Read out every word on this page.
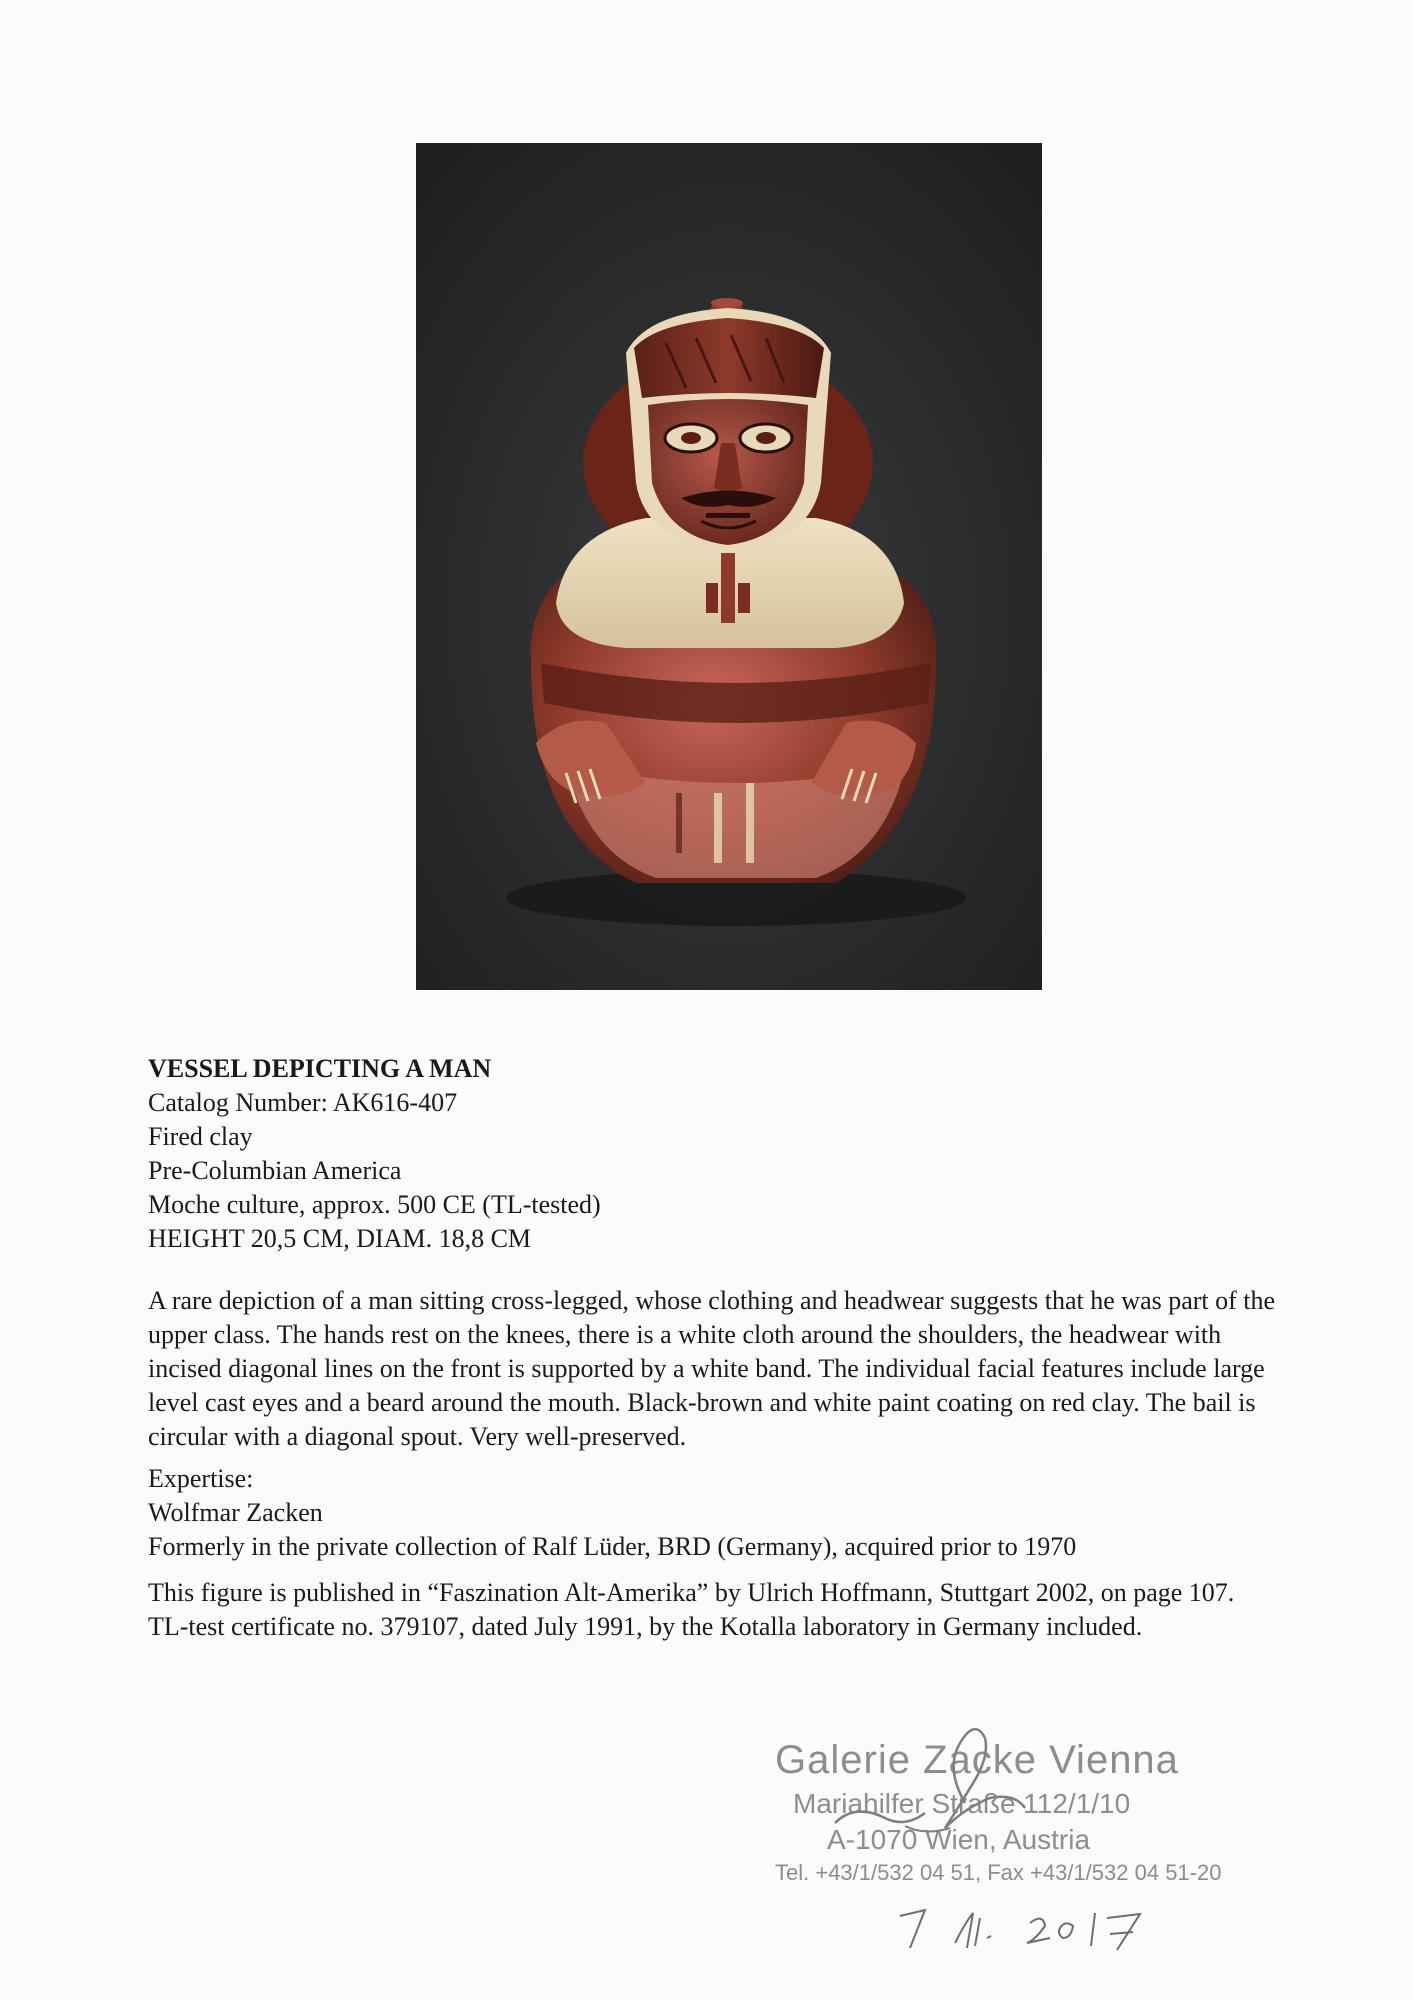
VESSEL DEPICTING A MAN

Catalog Number: AK616-407

Fired clay

Pre-Columbian America

Moche culture, approx. 500 CE (TL-tested)

HEIGHT 20,5 CM, DIAM. 18,8 CM

A rare depiction of a man sitting cross-legged, whose clothing and headwear suggests that he was part of the upper class. The hands rest on the knees, there is a white cloth around the shoulders, the headwear with incised diagonal lines on the front is supported by a white band. The individual facial features include large level cast eyes and a beard around the mouth. Black-brown and white paint coating on red clay. The bail is circular with a diagonal spout. Very well-preserved.

Expertise:

Wolfmar Zacken

Formerly in the private collection of Ralf Lüder, BRD (Germany), acquired prior to 1970

This figure is published in “Faszination Alt-Amerika” by Ulrich Hoffmann, Stuttgart 2002, on page 107.

TL-test certificate no. 379107, dated July 1991, by the Kotalla laboratory in Germany included.

Galerie Zacke Vienna
Mariahilfer Straße 112/1/10
A-1070 Wien, Austria
Tel. +43/1/532 04 51, Fax +43/1/532 04 51-20
